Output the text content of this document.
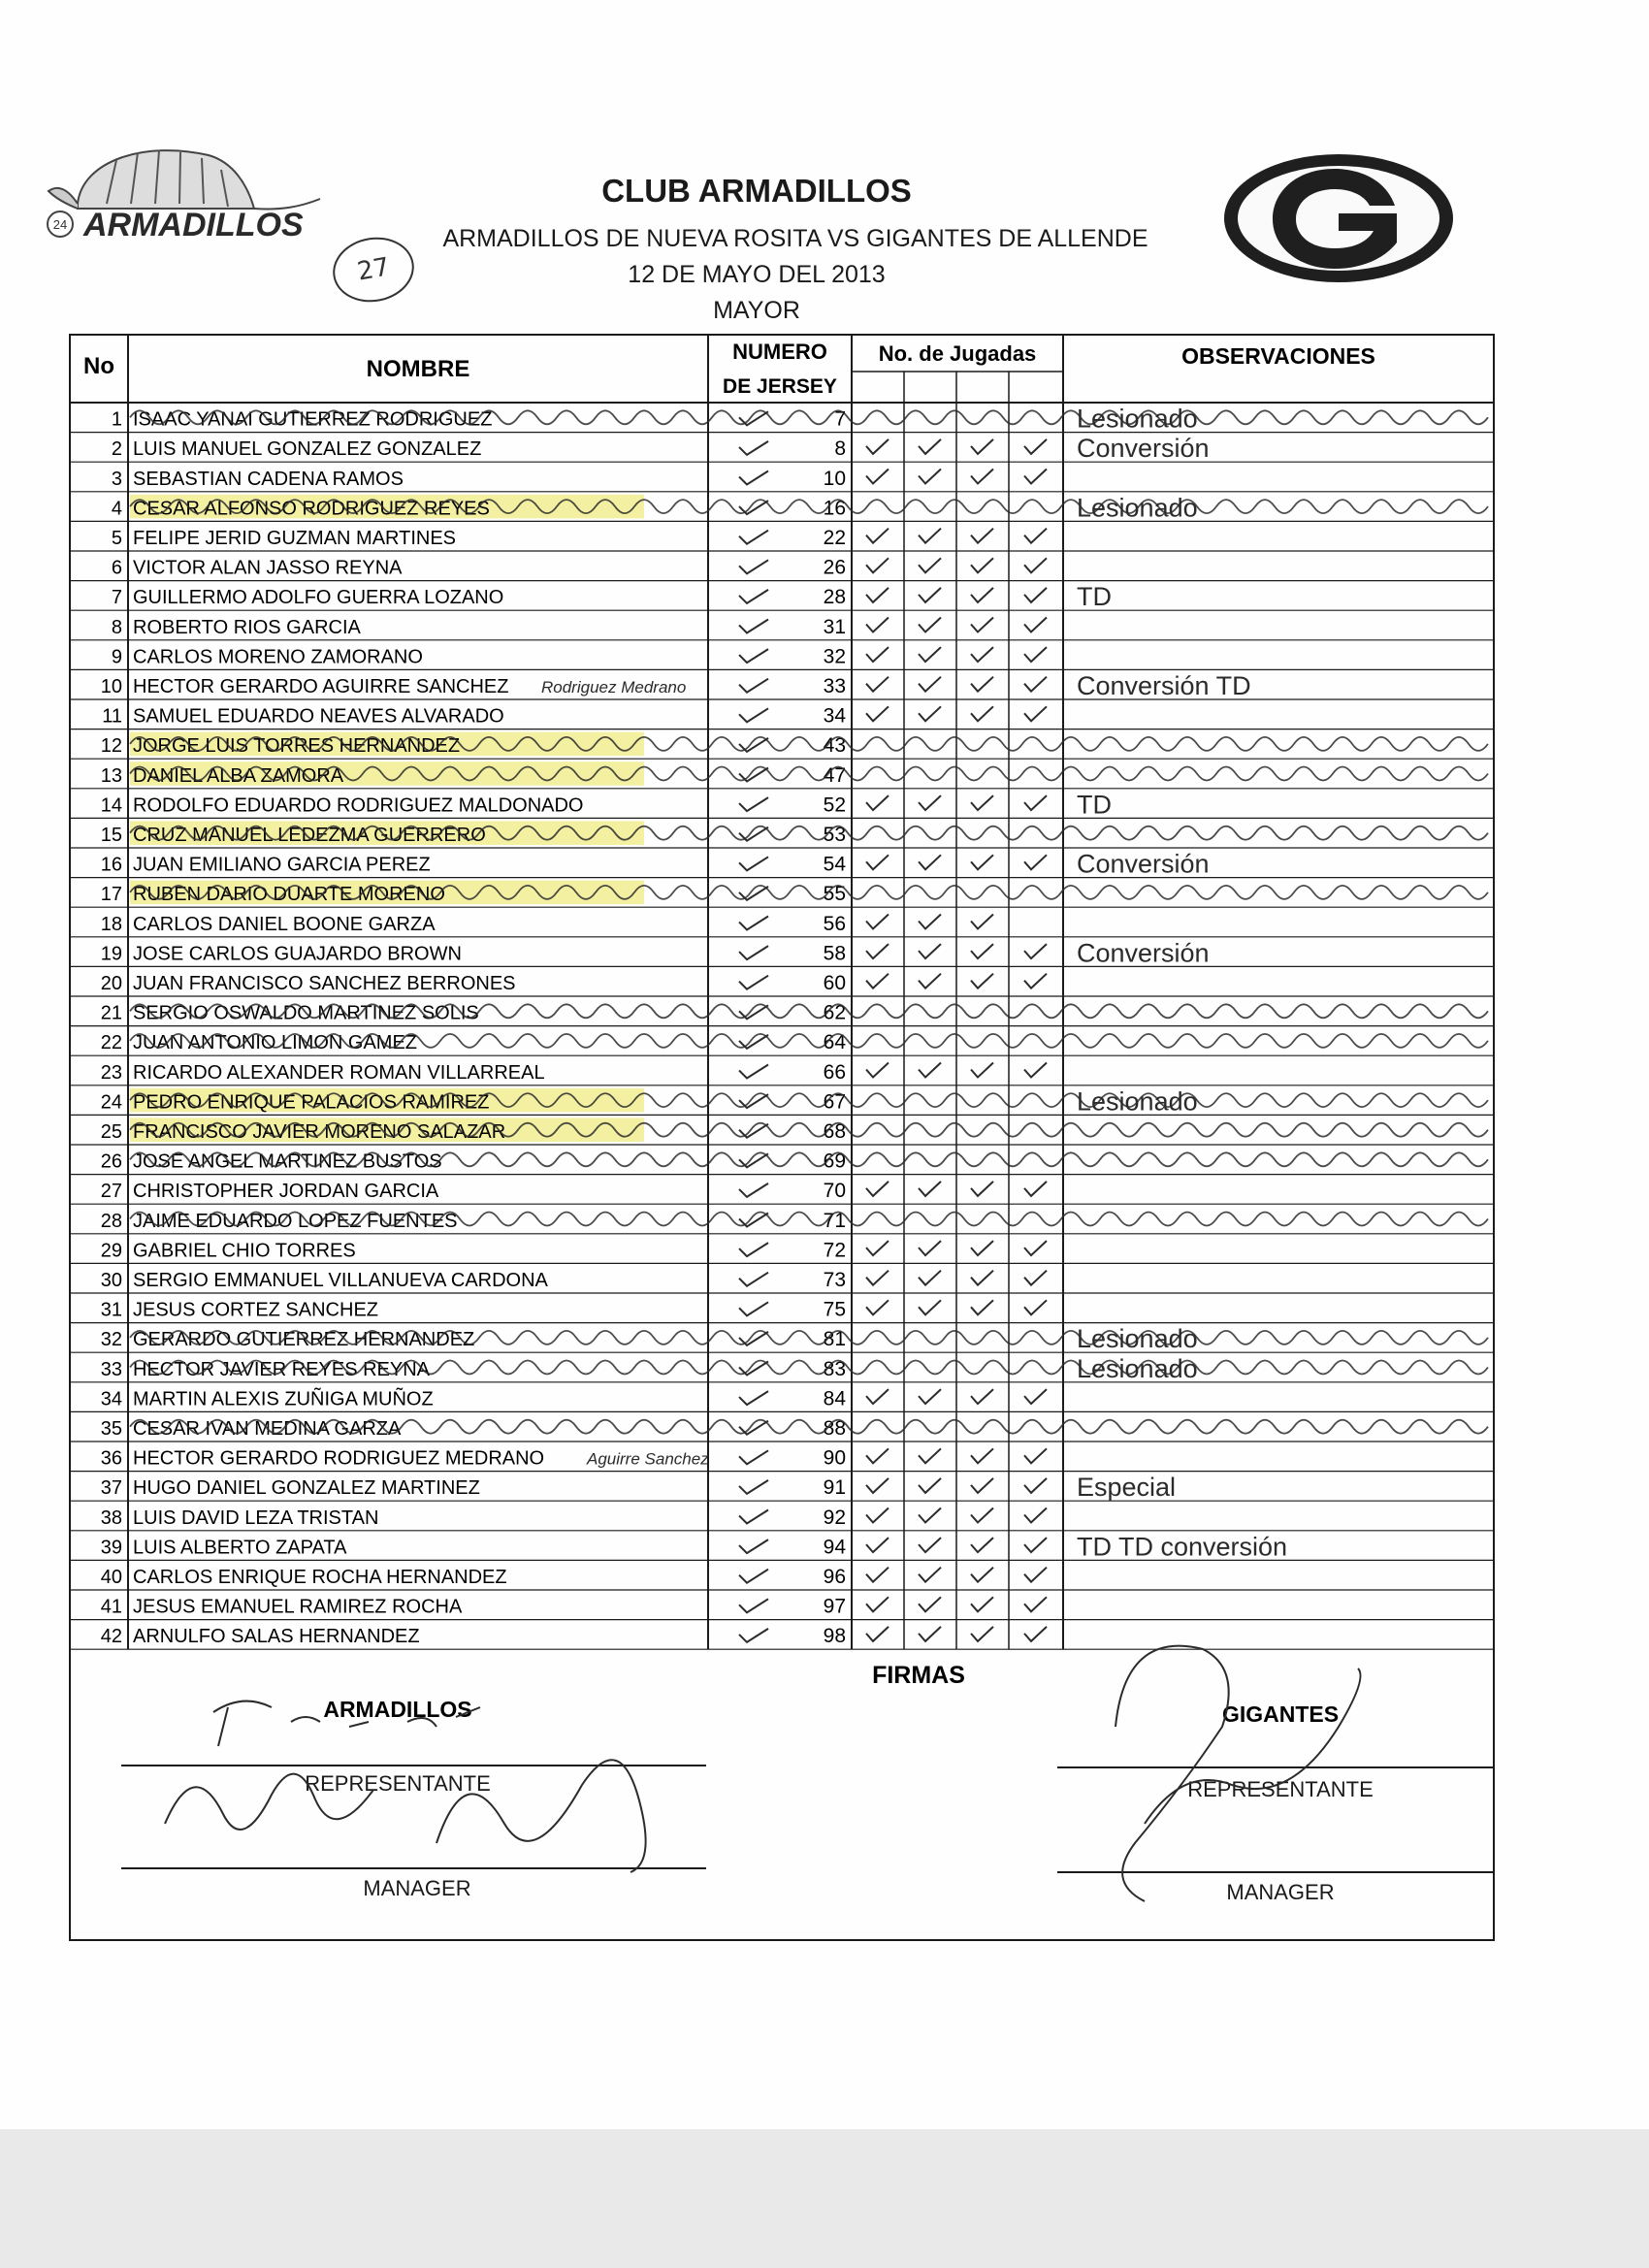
24 ARMADILLOS
CLUB ARMADILLOS
ARMADILLOS DE NUEVA ROSITA VS GIGANTES DE ALLENDE
12 DE MAYO DEL 2013
MAYOR
27
No	NOMBRE
NUMERO
DE JERSEY
No. de Jugadas	OBSERVACIONES
1 ISAAC YANAI GUTIERREZ RODRIGUEZ	7	Lesionado
2 LUIS MANUEL GONZALEZ GONZALEZ	8	Conversión
3 SEBASTIAN CADENA RAMOS	10
4 CESAR ALFONSO RODRIGUEZ REYES	16	Lesionado
5 FELIPE JERID GUZMAN MARTINES	22
6 VICTOR ALAN JASSO REYNA	26
7 GUILLERMO ADOLFO GUERRA LOZANO	28	TD
8 ROBERTO RIOS GARCIA	31
9 CARLOS MORENO ZAMORANO	32
10 HECTOR GERARDO AGUIRRE SANCHEZ	33	Conversión TD
Rodriguez Medrano
11 SAMUEL EDUARDO NEAVES ALVARADO	34
12 JORGE LUIS TORRES HERNANDEZ	43
13 DANIEL ALBA ZAMORA	47
14 RODOLFO EDUARDO RODRIGUEZ MALDONADO	52	TD
15 CRUZ MANUEL LEDEZMA GUERRERO	53
16 JUAN EMILIANO GARCIA PEREZ	54	Conversión
17 RUBEN DARIO DUARTE MORENO	55
18 CARLOS DANIEL BOONE GARZA	56
19 JOSE CARLOS GUAJARDO BROWN	58	Conversión
20 JUAN FRANCISCO SANCHEZ BERRONES	60
21 SERGIO OSWALDO MARTINEZ SOLIS	62
22 JUAN ANTONIO LIMON GAMEZ	64
23 RICARDO ALEXANDER ROMAN VILLARREAL	66
24 PEDRO ENRIQUE PALACIOS RAMIREZ	67	Lesionado
25 FRANCISCO JAVIER MORENO SALAZAR	68
26 JOSE ANGEL MARTINEZ BUSTOS	69
27 CHRISTOPHER JORDAN GARCIA	70
28 JAIME EDUARDO LOPEZ FUENTES	71
29 GABRIEL CHIO TORRES	72
30 SERGIO EMMANUEL VILLANUEVA CARDONA	73
31 JESUS CORTEZ SANCHEZ	75
32 GERARDO GUTIERREZ HERNANDEZ	81	Lesionado
33 HECTOR JAVIER REYES REYNA	83	Lesionado
34 MARTIN ALEXIS ZUÑIGA MUÑOZ	84
35 CESAR IVAN MEDINA GARZA	88
36 HECTOR GERARDO RODRIGUEZ MEDRANO	90
Aguirre Sanchez
37 HUGO DANIEL GONZALEZ MARTINEZ	91	Especial
38 LUIS DAVID LEZA TRISTAN	92
39 LUIS ALBERTO ZAPATA	94	TD TD conversión
40 CARLOS ENRIQUE ROCHA HERNANDEZ	96
41 JESUS EMANUEL RAMIREZ ROCHA	97
42 ARNULFO SALAS HERNANDEZ	98
FIRMAS
ARMADILLOS
REPRESENTANTE
MANAGER
GIGANTES
REPRESENTANTE
MANAGER
